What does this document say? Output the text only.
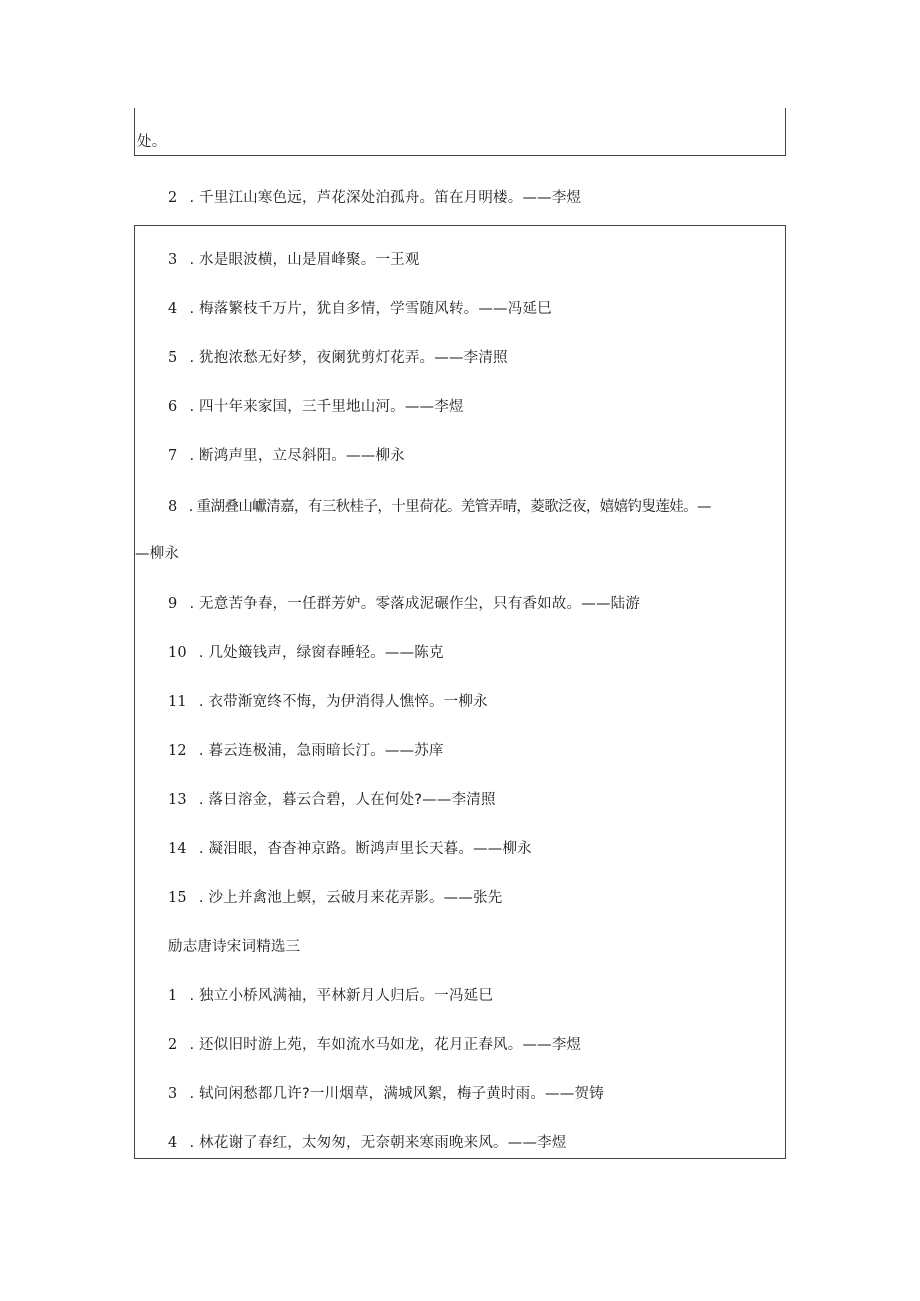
处。
2 . 千里江山寒色远，芦花深处泊孤舟。笛在月明楼。——李煜
3 . 水是眼波横，山是眉峰聚。一王观
4 . 梅落繁枝千万片，犹自多情，学雪随风转。——冯延巳
5 . 犹抱浓愁无好梦，夜阑犹剪灯花弄。——李清照
6 . 四十年来家国，三千里地山河。——李煜
7 . 断鸿声里，立尽斜阳。——柳永
8 . 重湖叠山巘清嘉，有三秋桂子，十里荷花。羌管弄晴，菱歌泛夜，嬉嬉钓叟莲娃。—
—柳永
9 . 无意苦争春，一任群芳妒。零落成泥碾作尘，只有香如故。——陆游
10 . 几处簸钱声，绿窗春睡轻。——陈克
11 . 衣带渐宽终不悔，为伊消得人憔悴。一柳永
12 . 暮云连极浦，急雨暗长汀。——苏庠
13 . 落日溶金，暮云合碧，人在何处?——李清照
14 . 凝泪眼，杳杳神京路。断鸿声里长天暮。——柳永
15 . 沙上并禽池上螟，云破月来花弄影。——张先
励志唐诗宋词精选三
1 . 独立小桥风满袖，平林新月人归后。一冯延巳
2 . 还似旧时游上苑，车如流水马如龙，花月正春风。——李煜
3 . 轼问闲愁都几许?一川烟草，满城风絮，梅子黄时雨。——贺铸
4 . 林花谢了春红，太匆匆，无奈朝来寒雨晚来风。——李煜
